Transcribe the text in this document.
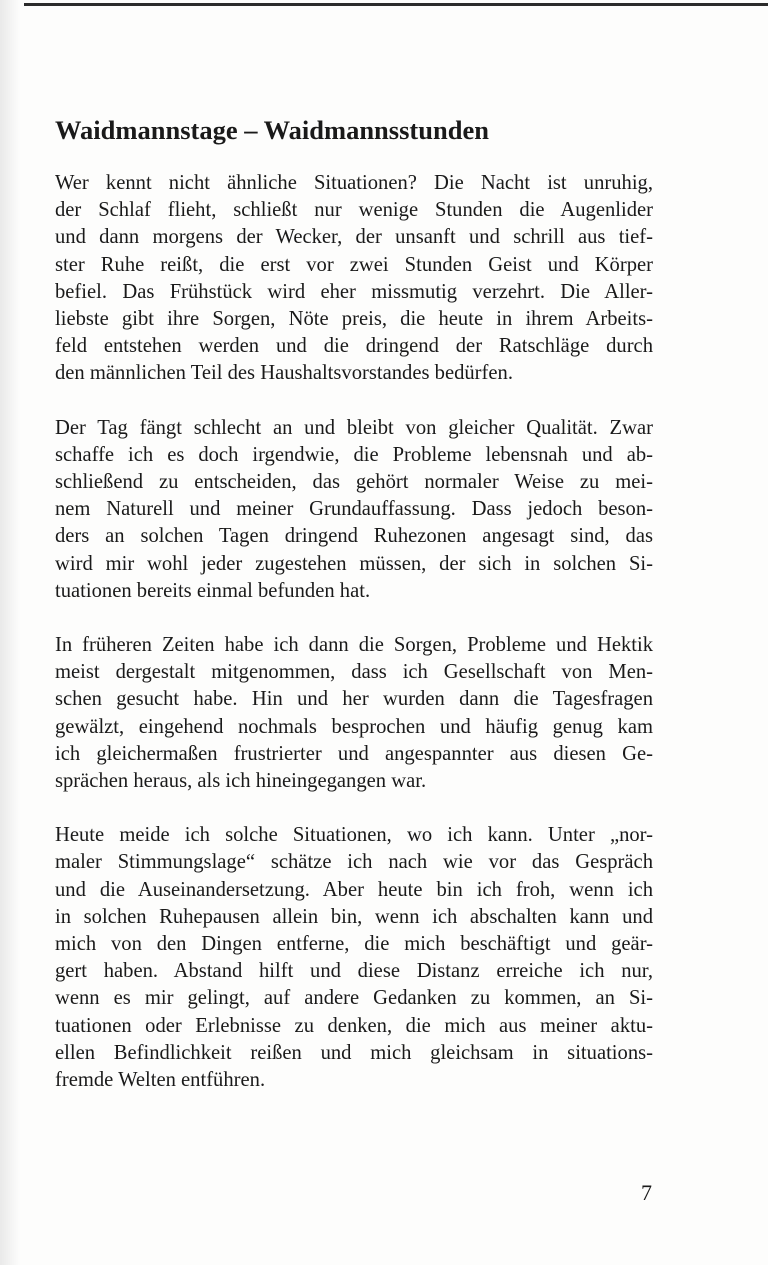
Waidmannstage – Waidmannsstunden
Wer kennt nicht ähnliche Situationen? Die Nacht ist unruhig,
der Schlaf flieht, schließt nur wenige Stunden die Augenlider
und dann morgens der Wecker, der unsanft und schrill aus tief-
ster Ruhe reißt, die erst vor zwei Stunden Geist und Körper
befiel. Das Frühstück wird eher missmutig verzehrt. Die Aller-
liebste gibt ihre Sorgen, Nöte preis, die heute in ihrem Arbeits-
feld entstehen werden und die dringend der Ratschläge durch
den männlichen Teil des Haushaltsvorstandes bedürfen.
Der Tag fängt schlecht an und bleibt von gleicher Qualität. Zwar
schaffe ich es doch irgendwie, die Probleme lebensnah und ab-
schließend zu entscheiden, das gehört normaler Weise zu mei-
nem Naturell und meiner Grundauffassung. Dass jedoch beson-
ders an solchen Tagen dringend Ruhezonen angesagt sind, das
wird mir wohl jeder zugestehen müssen, der sich in solchen Si-
tuationen bereits einmal befunden hat.
In früheren Zeiten habe ich dann die Sorgen, Probleme und Hektik
meist dergestalt mitgenommen, dass ich Gesellschaft von Men-
schen gesucht habe. Hin und her wurden dann die Tagesfragen
gewälzt, eingehend nochmals besprochen und häufig genug kam
ich gleichermaßen frustrierter und angespannter aus diesen Ge-
sprächen heraus, als ich hineingegangen war.
Heute meide ich solche Situationen, wo ich kann. Unter „nor-
maler Stimmungslage“ schätze ich nach wie vor das Gespräch
und die Auseinandersetzung. Aber heute bin ich froh, wenn ich
in solchen Ruhepausen allein bin, wenn ich abschalten kann und
mich von den Dingen entferne, die mich beschäftigt und geär-
gert haben. Abstand hilft und diese Distanz erreiche ich nur,
wenn es mir gelingt, auf andere Gedanken zu kommen, an Si-
tuationen oder Erlebnisse zu denken, die mich aus meiner aktu-
ellen Befindlichkeit reißen und mich gleichsam in situations-
fremde Welten entführen.
7
